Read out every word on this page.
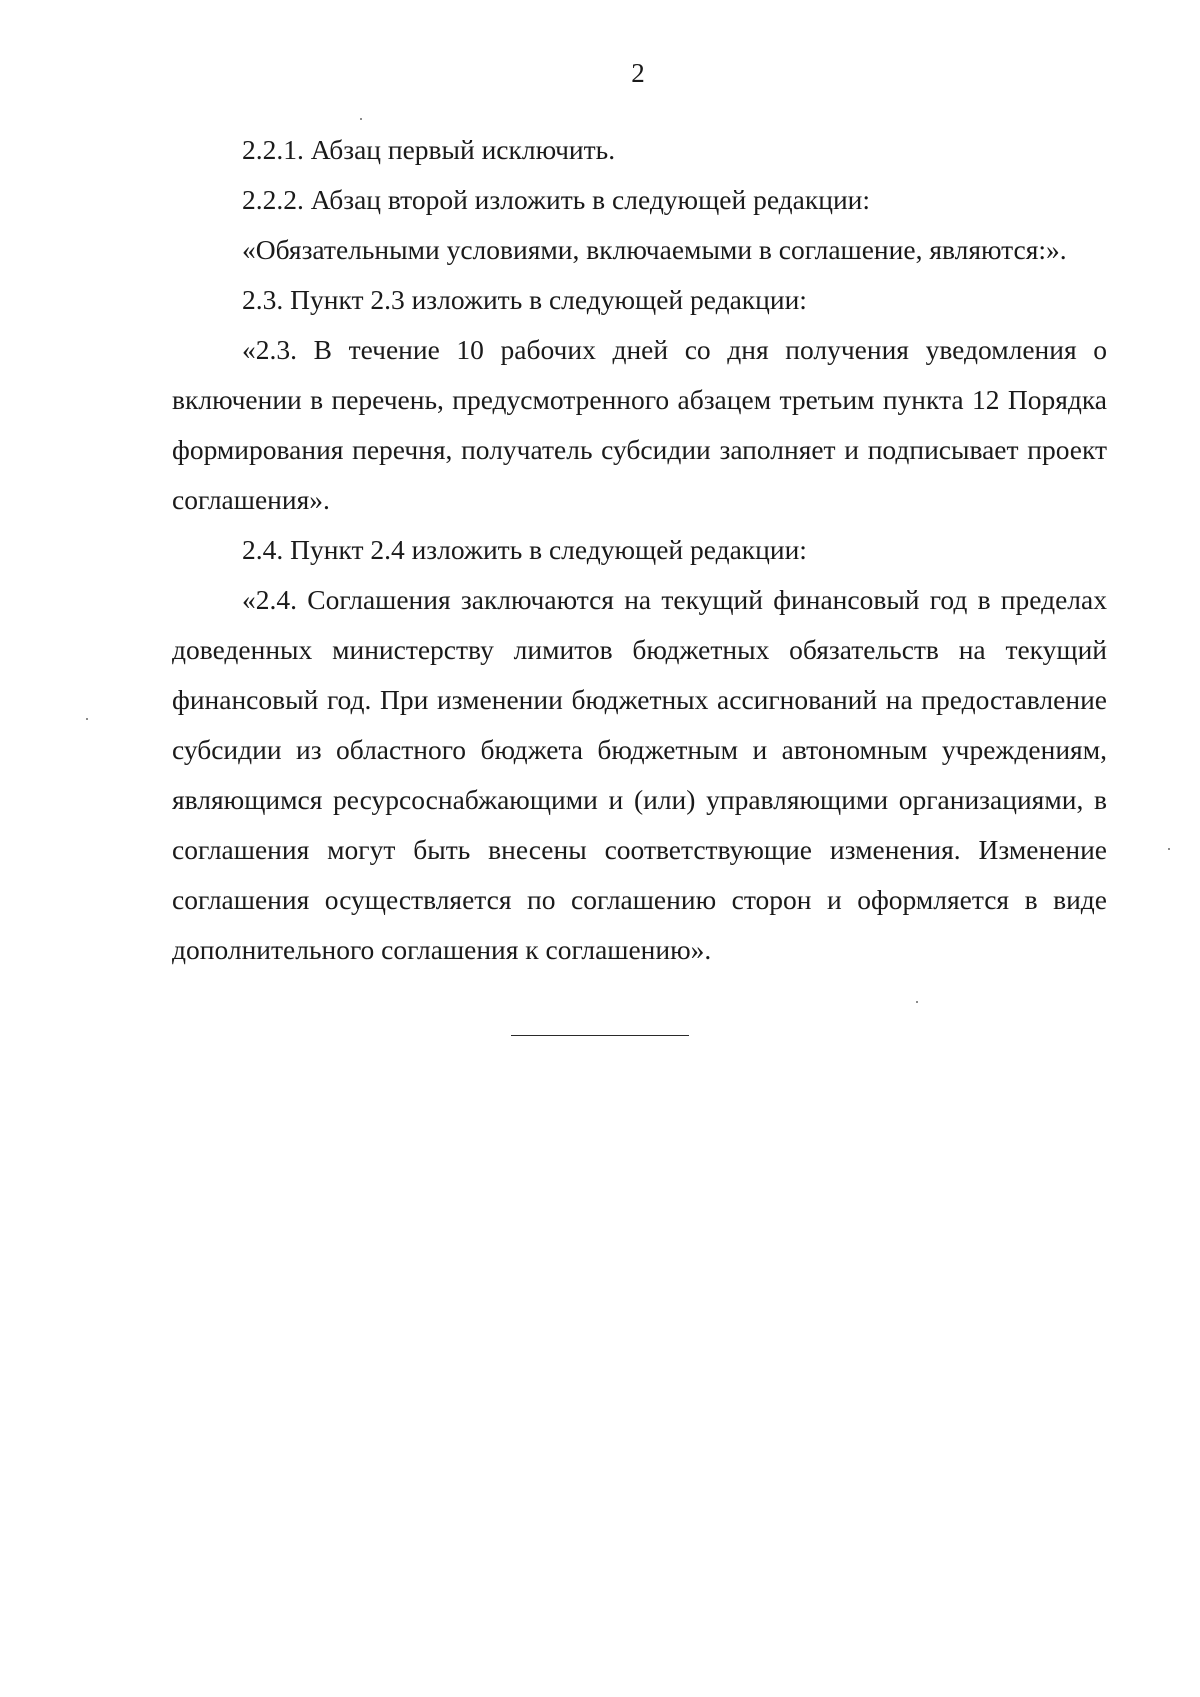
2

2.2.1. Абзац первый исключить.

2.2.2. Абзац второй изложить в следующей редакции:

«Обязательными условиями, включаемыми в соглашение, являются:».

2.3. Пункт 2.3 изложить в следующей редакции:

«2.3. В течение 10 рабочих дней со дня получения уведомления о включении в перечень, предусмотренного абзацем третьим пункта 12 Порядка формирования перечня, получатель субсидии заполняет и подписывает проект соглашения».

2.4. Пункт 2.4 изложить в следующей редакции:

«2.4. Соглашения заключаются на текущий финансовый год в пределах доведенных министерству лимитов бюджетных обязательств на текущий финансовый год. При изменении бюджетных ассигнований на предоставление субсидии из областного бюджета бюджетным и автономным учреждениям, являющимся ресурсоснабжающими и (или) управляющими организациями, в соглашения могут быть внесены соответствующие изменения. Изменение соглашения осуществляется по соглашению сторон и оформляется в виде дополнительного соглашения к соглашению».
